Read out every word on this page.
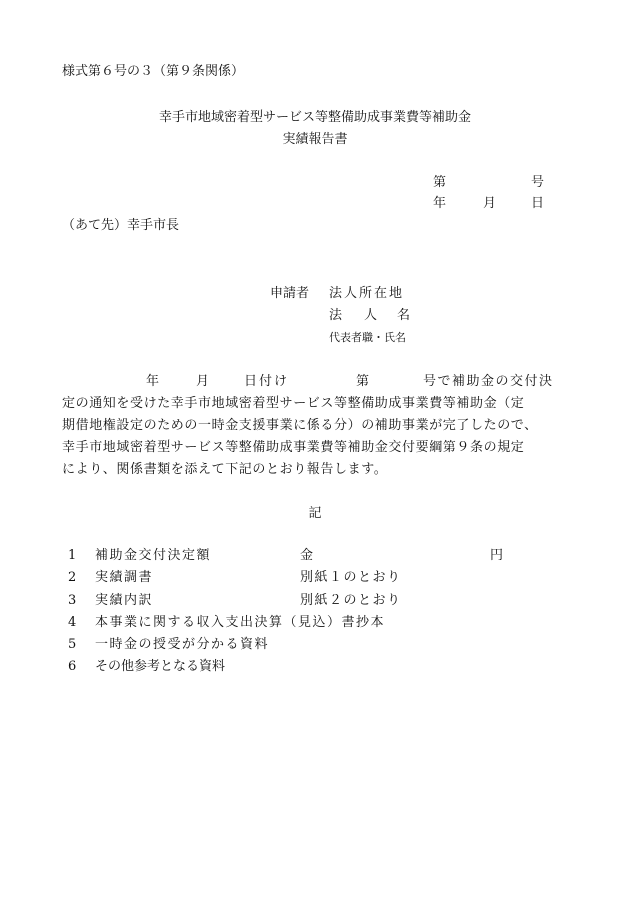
様式第６号の３（第９条関係）
幸手市地域密着型サービス等整備助成事業費等補助金
実績報告書
第	号
年	月	日
（あて先）幸手市長
申請者 法人所在地
法 人 名
代表者職・氏名
年	月	日付け	第	号で補助金の交付決
定の通知を受けた幸手市地域密着型サービス等整備助成事業費等補助金（定
期借地権設定のための一時金支援事業に係る分）の補助事業が完了したので、
幸手市地域密着型サービス等整備助成事業費等補助金交付要綱第９条の規定
により、関係書類を添えて下記のとおり報告します。
記
1 補助金交付決定額	金	円
2 実績調書	別紙１のとおり
3 実績内訳	別紙２のとおり
4 本事業に関する収入支出決算（見込）書抄本
5 一時金の授受が分かる資料
6 その他参考となる資料
